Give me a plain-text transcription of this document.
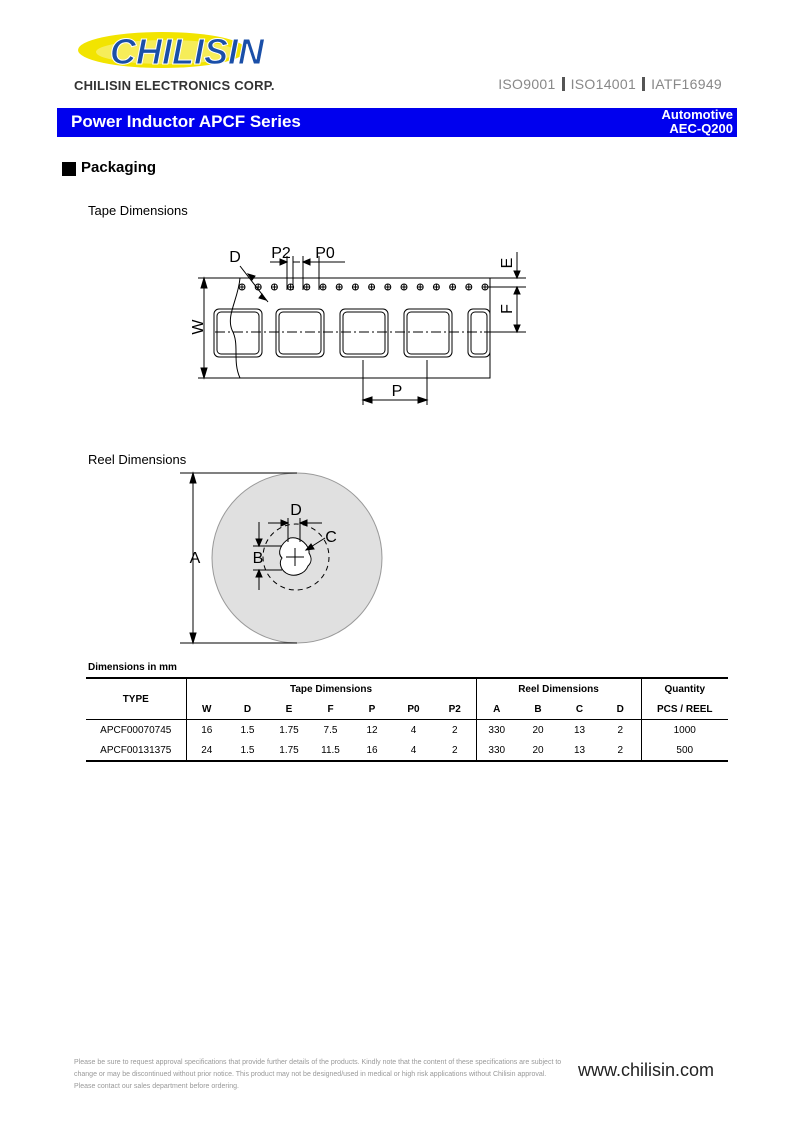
CHILISIN
CHILISIN ELECTRONICS CORP.	ISO9001 ISO14001 IATF16949
Power Inductor APCF Series	Automotive
AEC-Q200
Packaging
Tape Dimensions
W
P2 P0
D	E
F
P
Reel Dimensions
A	B
D
C
Dimensions in mm
TYPE	Tape Dimensions							Reel Dimensions				Quantity
	W	D	E	F	P	P0	P2	A	B	C	D	PCS / REEL
APCF00070745	16	1.5	1.75	7.5	12	4	2	330	20	13	2	1000
APCF00131375	24	1.5	1.75	11.5	16	4	2	330	20	13	2	500
Please be sure to request approval specifications that provide further details of the products. Kindly note that the content of these specifications are subject to change or may be discontinued without prior notice. This product may not be designed/used in medical or high risk applications without Chilisin approval. Please contact our sales department before ordering.
www.chilisin.com
